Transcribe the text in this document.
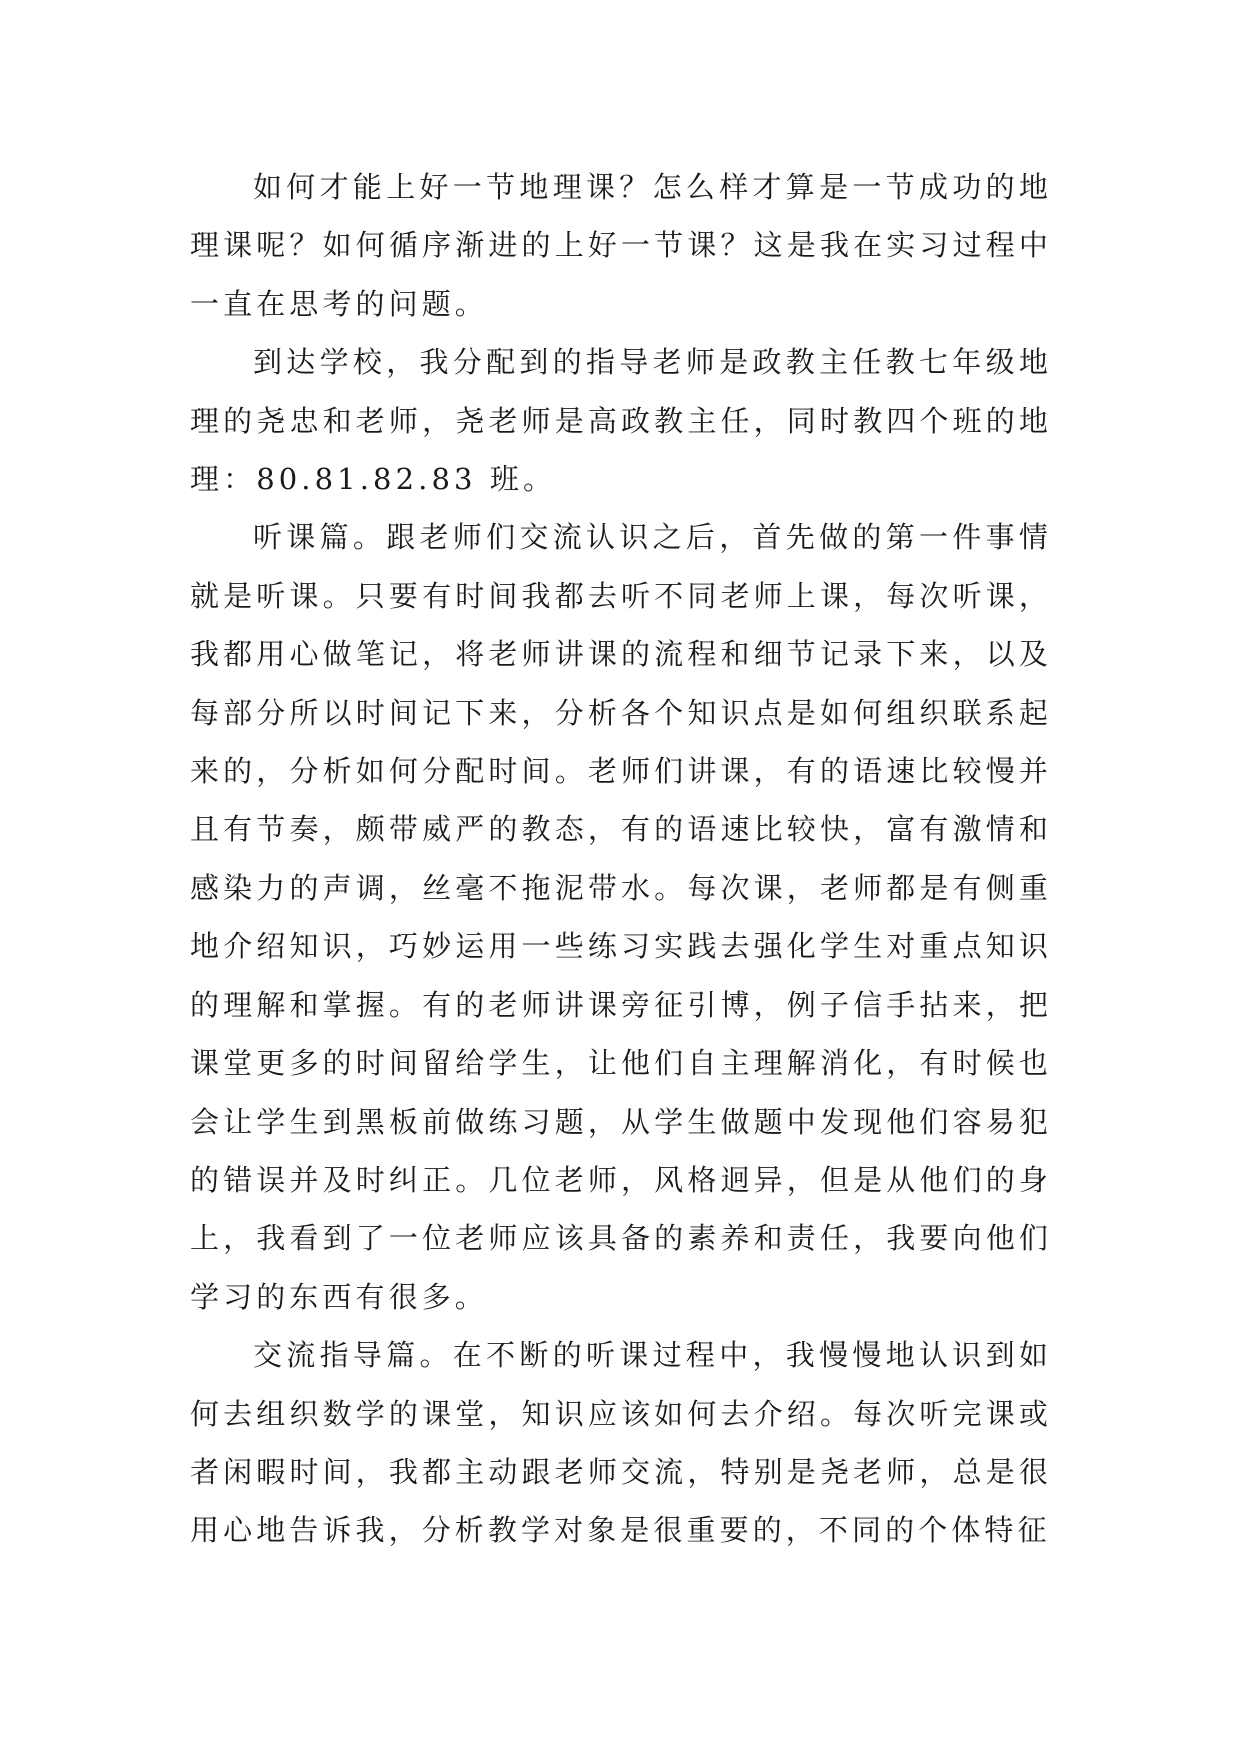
如何才能上好一节地理课？怎么样才算是一节成功的地理课呢？如何循序渐进的上好一节课？这是我在实习过程中一直在思考的问题。

到达学校，我分配到的指导老师是政教主任教七年级地理的尧忠和老师，尧老师是高政教主任，同时教四个班的地理：80.81.82.83 班。

听课篇。跟老师们交流认识之后，首先做的第一件事情就是听课。只要有时间我都去听不同老师上课，每次听课，我都用心做笔记，将老师讲课的流程和细节记录下来，以及每部分所以时间记下来，分析各个知识点是如何组织联系起来的，分析如何分配时间。老师们讲课，有的语速比较慢并且有节奏，颇带威严的教态，有的语速比较快，富有激情和感染力的声调，丝毫不拖泥带水。每次课，老师都是有侧重地介绍知识，巧妙运用一些练习实践去强化学生对重点知识的理解和掌握。有的老师讲课旁征引博，例子信手拈来，把课堂更多的时间留给学生，让他们自主理解消化，有时候也会让学生到黑板前做练习题，从学生做题中发现他们容易犯的错误并及时纠正。几位老师，风格迥异，但是从他们的身上，我看到了一位老师应该具备的素养和责任，我要向他们学习的东西有很多。

交流指导篇。在不断的听课过程中，我慢慢地认识到如何去组织数学的课堂，知识应该如何去介绍。每次听完课或者闲暇时间，我都主动跟老师交流，特别是尧老师，总是很用心地告诉我，分析教学对象是很重要的，不同的个体特征
